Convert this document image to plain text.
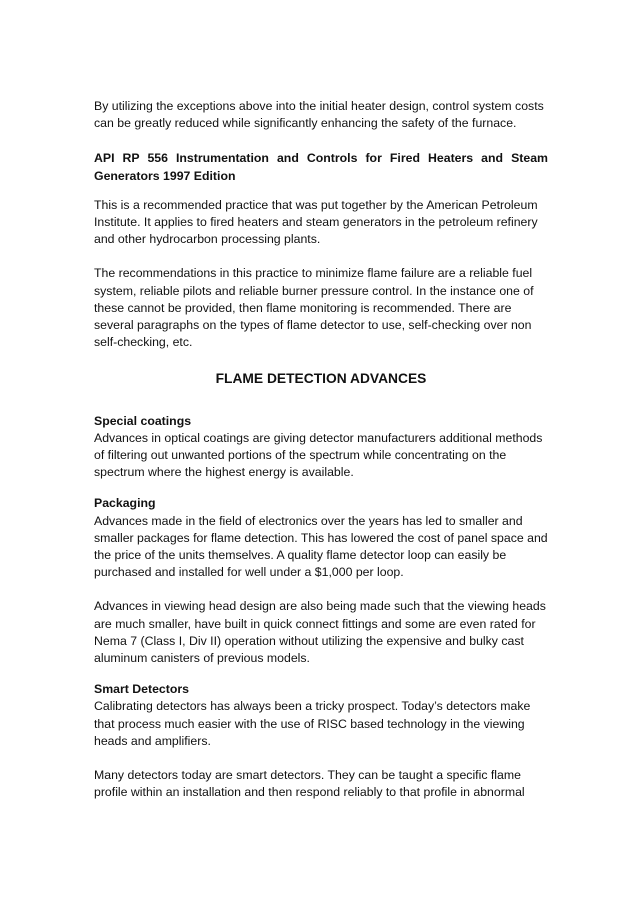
By utilizing the exceptions above into the initial heater design, control system costs can be greatly reduced while significantly enhancing the safety of the furnace.

API RP 556 Instrumentation and Controls for Fired Heaters and Steam Generators 1997 Edition

This is a recommended practice that was put together by the American Petroleum Institute. It applies to fired heaters and steam generators in the petroleum refinery and other hydrocarbon processing plants.

The recommendations in this practice to minimize flame failure are a reliable fuel system, reliable pilots and reliable burner pressure control. In the instance one of these cannot be provided, then flame monitoring is recommended. There are several paragraphs on the types of flame detector to use, self-checking over non self-checking, etc.

FLAME DETECTION ADVANCES

Special coatings

Advances in optical coatings are giving detector manufacturers additional methods of filtering out unwanted portions of the spectrum while concentrating on the spectrum where the highest energy is available.

Packaging

Advances made in the field of electronics over the years has led to smaller and smaller packages for flame detection. This has lowered the cost of panel space and the price of the units themselves. A quality flame detector loop can easily be purchased and installed for well under a $1,000 per loop.

Advances in viewing head design are also being made such that the viewing heads are much smaller, have built in quick connect fittings and some are even rated for Nema 7 (Class I, Div II) operation without utilizing the expensive and bulky cast aluminum canisters of previous models.

Smart Detectors

Calibrating detectors has always been a tricky prospect. Today’s detectors make that process much easier with the use of RISC based technology in the viewing heads and amplifiers.

Many detectors today are smart detectors. They can be taught a specific flame profile within an installation and then respond reliably to that profile in abnormal
